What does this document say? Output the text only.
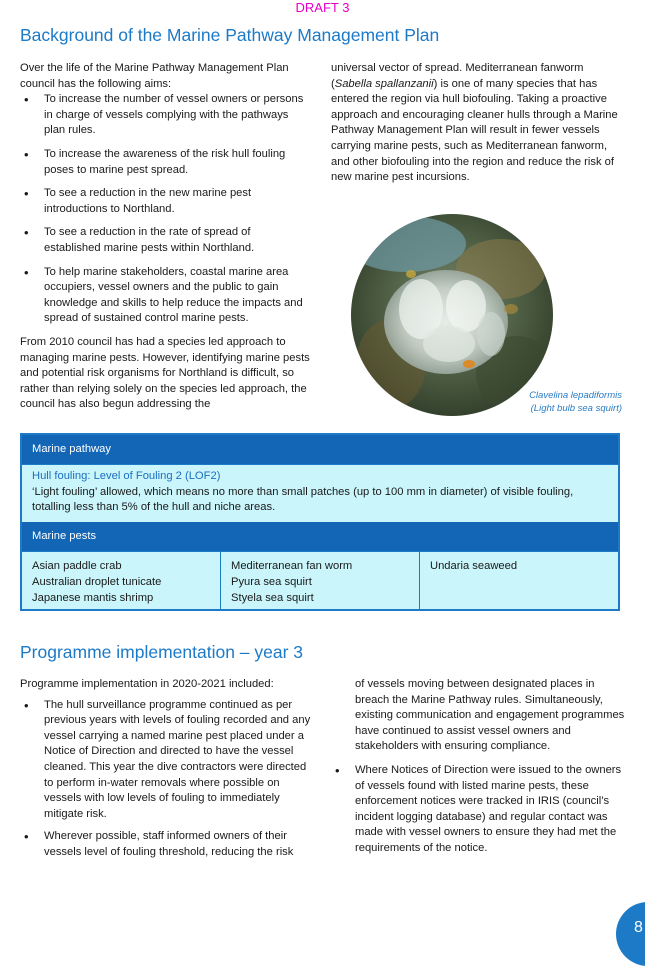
DRAFT 3
Background of the Marine Pathway Management Plan

Over the life of the Marine Pathway Management Plan council has the following aims:

• To increase the number of vessel owners or persons in charge of vessels complying with the pathways plan rules.
• To increase the awareness of the risk hull fouling poses to marine pest spread.
• To see a reduction in the new marine pest introductions to Northland.
• To see a reduction in the rate of spread of established marine pests within Northland.
• To help marine stakeholders, coastal marine area occupiers, vessel owners and the public to gain knowledge and skills to help reduce the impacts and spread of sustained control marine pests.

From 2010 council has had a species led approach to managing marine pests. However, identifying marine pests and potential risk organisms for Northland is difficult, so rather than relying solely on the species led approach, the council has also begun addressing the

universal vector of spread. Mediterranean fanworm (Sabella spallanzanii) is one of many species that has entered the region via hull biofouling. Taking a proactive approach and encouraging cleaner hulls through a Marine Pathway Management Plan will result in fewer vessels carrying marine pests, such as Mediterranean fanworm, and other biofouling into the region and reduce the risk of new marine pest incursions.

Clavelina lepadiformis
(Light bulb sea squirt)
Marine pathway
Hull fouling: Level of Fouling 2 (LOF2)
‘Light fouling’ allowed, which means no more than small patches (up to 100 mm in diameter) of visible fouling, totalling less than 5% of the hull and niche areas.
Marine pests
Asian paddle crab
Australian droplet tunicate
Japanese mantis shrimp
Mediterranean fan worm
Pyura sea squirt
Styela sea squirt
Undaria seaweed
Programme implementation – year 3

Programme implementation in 2020-2021 included:

• The hull surveillance programme continued as per previous years with levels of fouling recorded and any vessel carrying a named marine pest placed under a Notice of Direction and directed to have the vessel cleaned. This year the dive contractors were directed to perform in-water removals where possible on vessels with low levels of fouling to immediately mitigate risk.
• Wherever possible, staff informed owners of their vessels level of fouling threshold, reducing the risk

of vessels moving between designated places in breach the Marine Pathway rules. Simultaneously, existing communication and engagement programmes have continued to assist vessel owners and stakeholders with ensuring compliance.

• Where Notices of Direction were issued to the owners of vessels found with listed marine pests, these enforcement notices were tracked in IRIS (council’s incident logging database) and regular contact was made with vessel owners to ensure they had met the requirements of the notice.
8
